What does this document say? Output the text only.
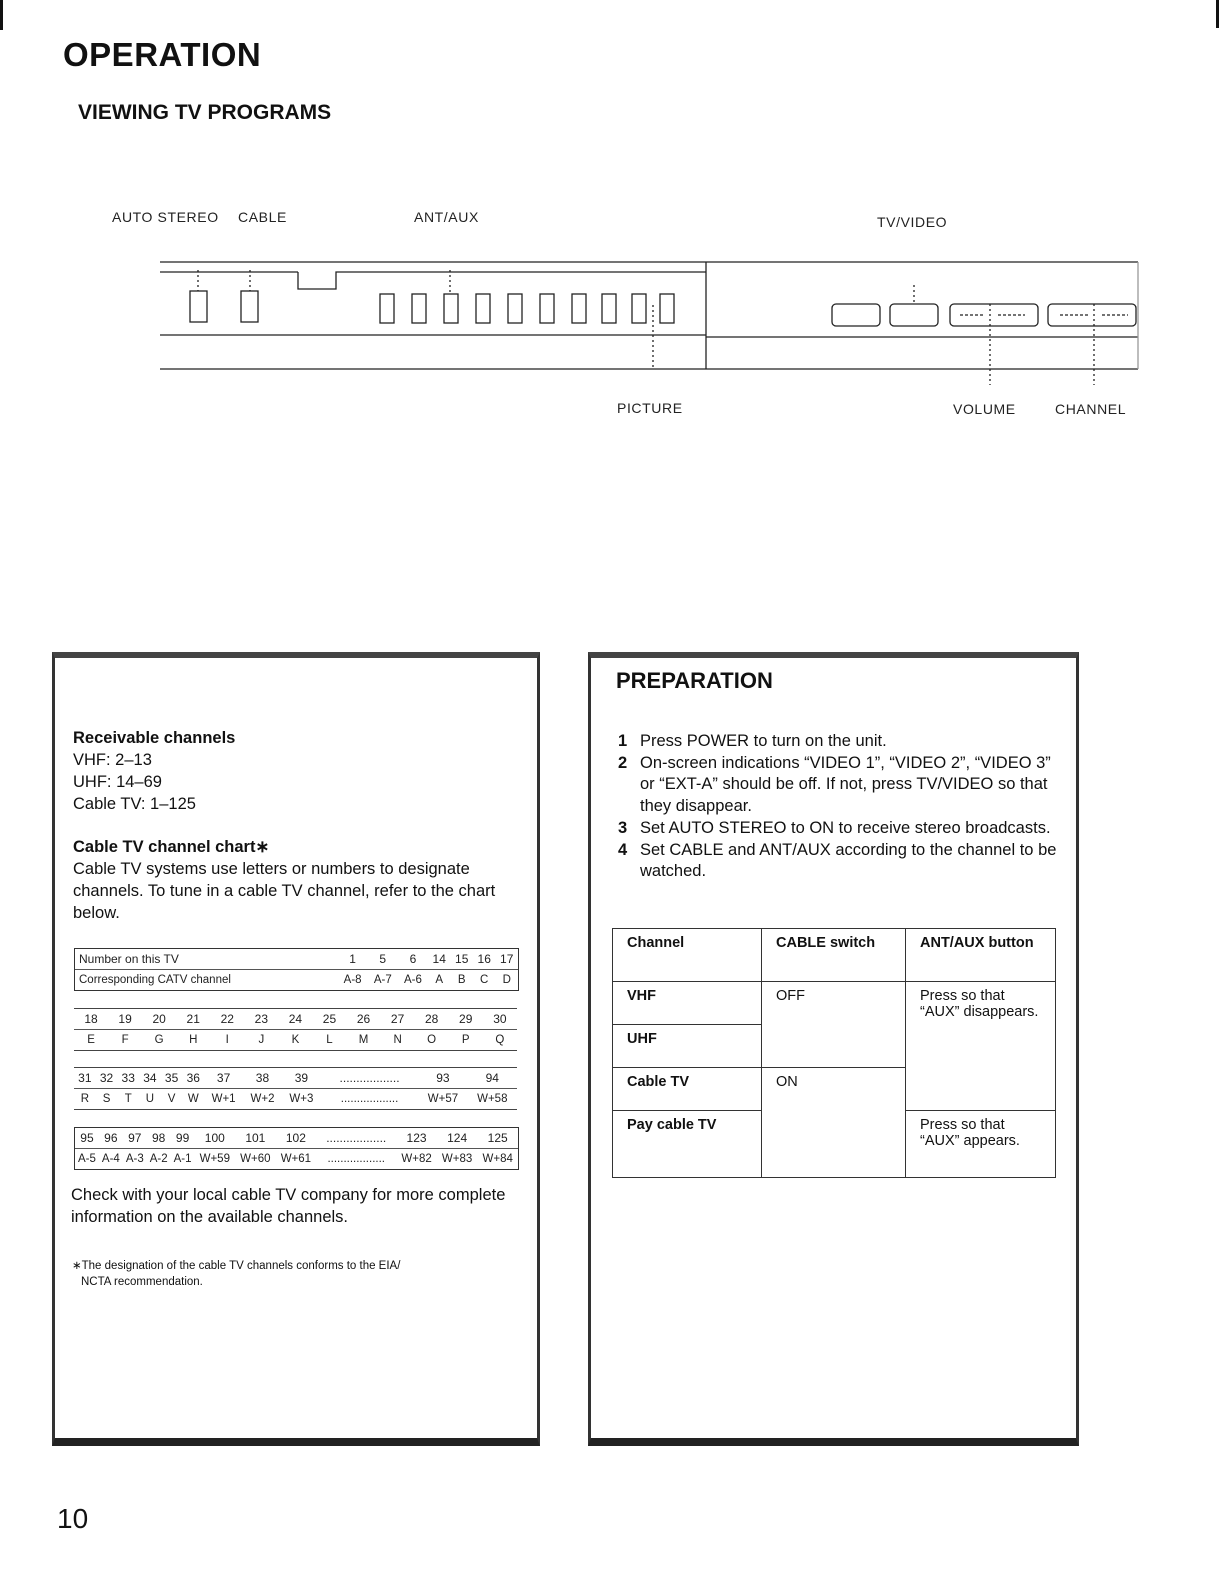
OPERATION
VIEWING TV PROGRAMS
AUTO STEREO CABLE	ANT/AUX	TV/VIDEO
PICTURE	VOLUME	CHANNEL
Receivable channels
VHF: 2–13
UHF: 14–69
Cable TV: 1–125
Cable TV channel chart∗
Cable TV systems use letters or numbers to designate channels. To tune in a cable TV channel, refer to the chart below.
Number on this TV	1	5	6	14	15	16	17
Corresponding CATV channel	A-8	A-7	A-6	A	B	C	D
18	19	20	21	22	23	24	25	26	27	28	29	30
E	F	G	H	I	J	K	L	M	N	O	P	Q
31	32	33	34	35	36	37	38	39	..................	93	94
R	S	T	U	V	W	W+1	W+2	W+3	..................	W+57	W+58
95	96	97	98	99	100	101	102	..................	123	124	125
A-5	A-4	A-3	A-2	A-1	W+59	W+60	W+61	..................	W+82	W+83	W+84
Check with your local cable TV company for more complete information on the available channels.
∗The designation of the cable TV channels conforms to the EIA/
NCTA recommendation.
PREPARATION
1 Press POWER to turn on the unit.
2 On-screen indications “VIDEO 1”, “VIDEO 2”, “VIDEO 3” or “EXT-A” should be off. If not, press TV/VIDEO so that they disappear.
3 Set AUTO STEREO to ON to receive stereo broadcasts.
4 Set CABLE and ANT/AUX according to the channel to be watched.
Channel	CABLE switch	ANT/AUX button
VHF	OFF	Press so that “AUX” disappears.
UHF		
Cable TV	ON	
Pay cable TV		Press so that “AUX” appears.
10
